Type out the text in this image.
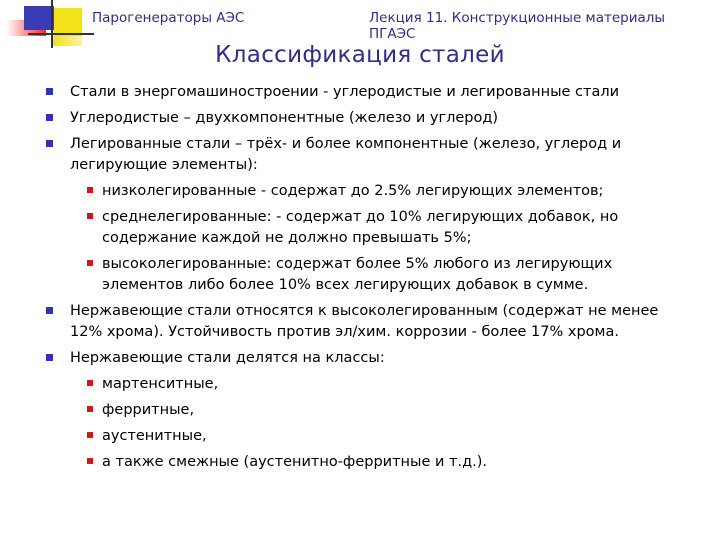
Парогенераторы АЭС	Лекция 11. Конструкционные материалы ПГАЭС
Классификация сталей
Стали в энергомашиностроении - углеродистые и легированные стали
Углеродистые – двухкомпонентные (железо и углерод)
Легированные стали – трёх- и более компонентные (железо, углерод и легирующие элементы):
низколегированные - содержат до 2.5% легирующих элементов;
среднелегированные: - содержат до 10% легирующих добавок, но содержание каждой не должно превышать 5%;
высоколегированные: содержат более 5% любого из легирующих элементов либо более 10% всех легирующих добавок в сумме.
Нержавеющие стали относятся к высоколегированным (содержат не менее 12% хрома). Устойчивость против эл/хим. коррозии - более 17% хрома.
Нержавеющие стали делятся на классы:
мартенситные,
ферритные,
аустенитные,
а также смежные (аустенитно-ферритные и т.д.).
